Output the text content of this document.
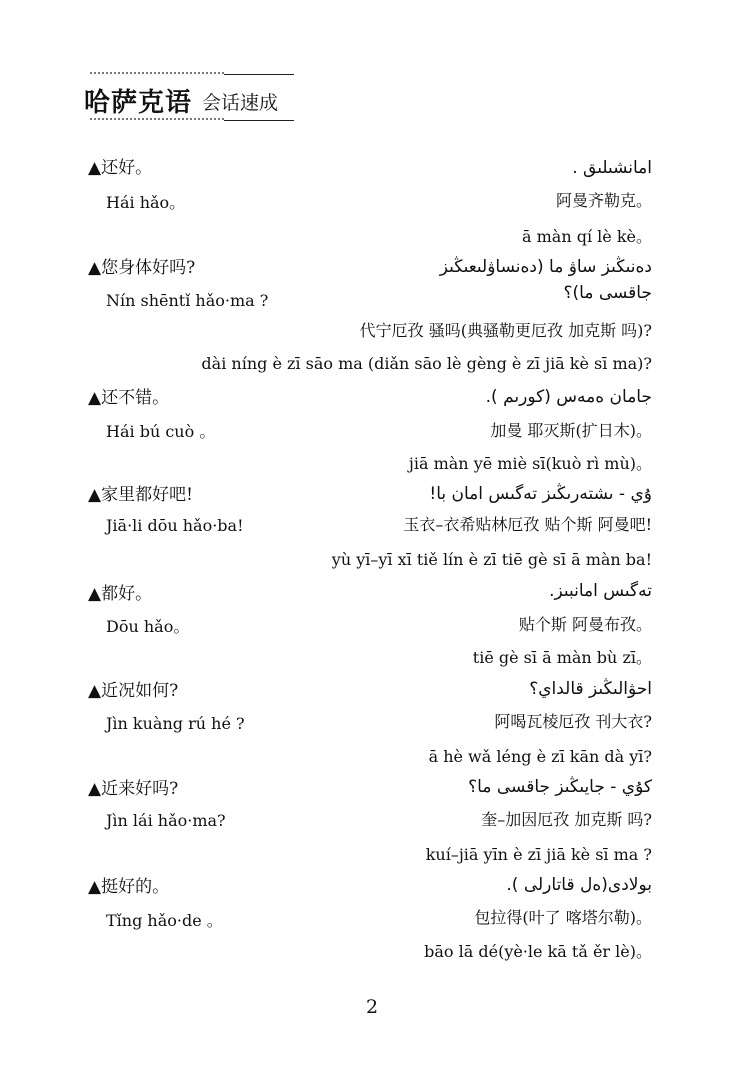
哈萨克语 会话速成
▲还好。	امانشىلىق .
Hái hǎo。	阿曼齐勒克。
ā màn qí lè kè。
▲您身体好吗?	دەنىڭىز ساۋ ما (دەنساۋلىعىڭىز
جاقسى ما)؟
Nín shēntǐ hǎo·ma ?
代宁厄孜 骚吗(典骚勒更厄孜 加克斯 吗)?
dài níng è zī sāo ma (diǎn sāo lè gèng è zī jiā kè sī ma)?
▲还不错。	جامان ەمەس (كورىم ).
Hái bú cuò 。	加曼 耶灭斯(扩日木)。
jiā màn yē miè sī(kuò rì mù)。
▲家里都好吧!	ۇي - ىشتەرىڭىز تەگىس امان با!
Jiā·li dōu hǎo·ba!	玉衣–衣希贴林厄孜 贴个斯 阿曼吧!
yù yī–yī xī tiě lín è zī tiē gè sī ā màn ba!
▲都好。	تەگىس امانبىز.
Dōu hǎo。	贴个斯 阿曼布孜。
tiē gè sī ā màn bù zī。
▲近况如何?	احۋالىڭىز قالداي؟
Jìn kuàng rú hé ?	阿喝瓦棱厄孜 刊大衣?
ā hè wǎ léng è zī kān dà yī?
▲近来好吗?	كۇي - جايىڭىز جاقسى ما؟
Jìn lái hǎo·ma?	奎–加因厄孜 加克斯 吗?
kuí–jiā yīn è zī jiā kè sī ma ?
▲挺好的。	بولادى(ەل قاتارلى ).
Tǐng hǎo·de 。	包拉得(叶了 喀塔尔勒)。
bāo lā dé(yè·le kā tǎ ěr lè)。
2
